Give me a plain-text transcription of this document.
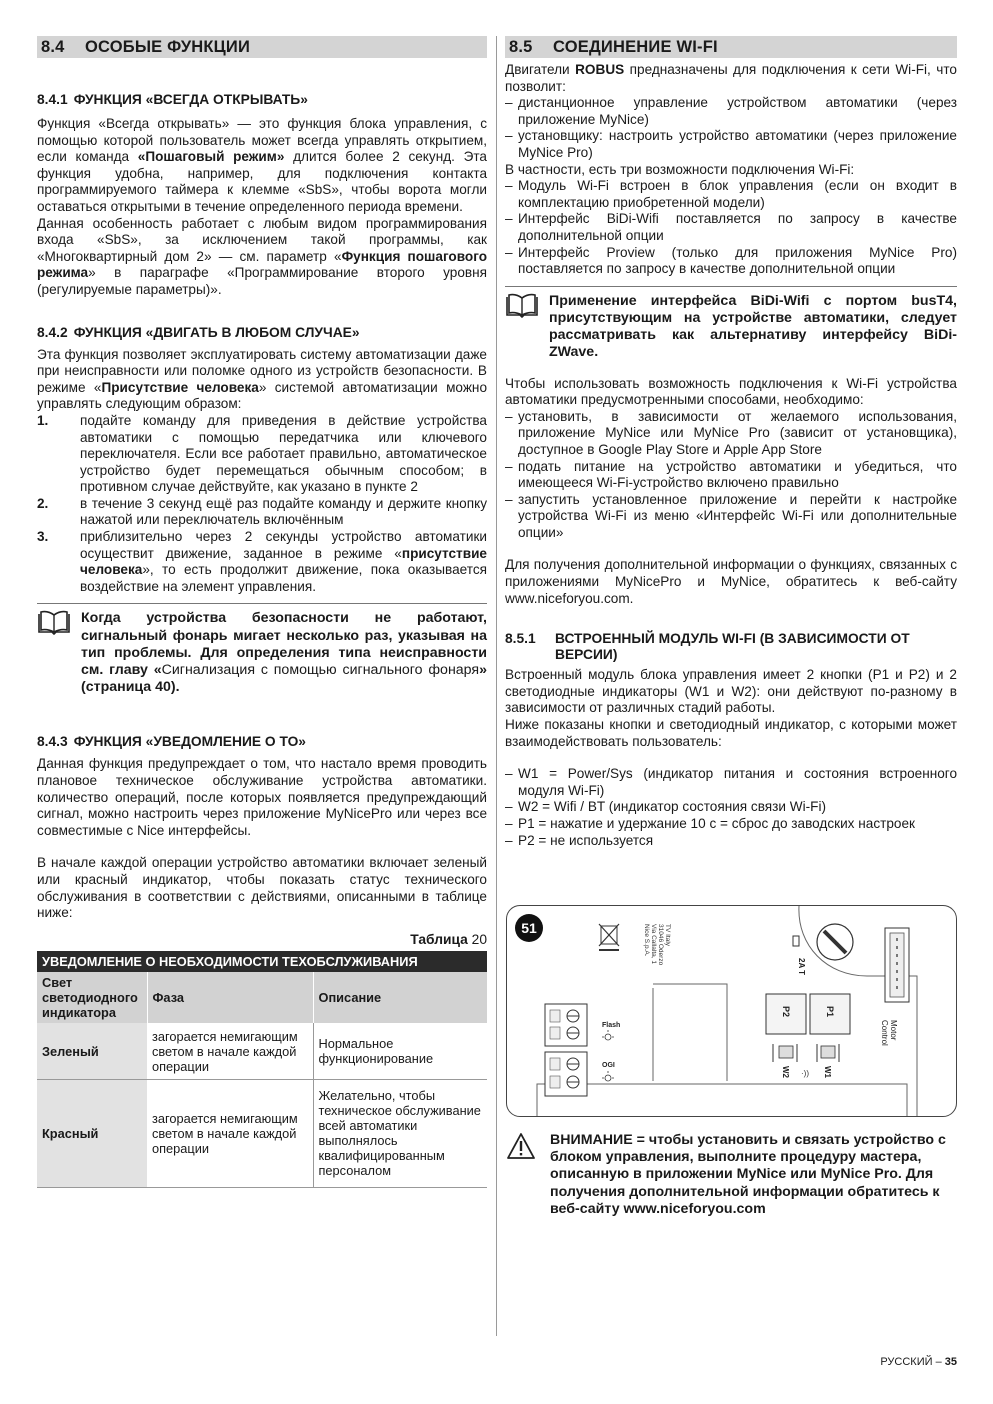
8.4 ОСОБЫЕ ФУНКЦИИ
8.4.1 ФУНКЦИЯ «ВСЕГДА ОТКРЫВАТЬ»

Функция «Всегда открывать» — это функция блока управления, с помощью которой пользователь может всегда управлять открытием, если команда «Пошаговый режим» длится более 2 секунд. Эта функция удобна, например, для подключения контакта программируемого таймера к клемме «SbS», чтобы ворота могли оставаться открытыми в течение определенного периода времени.

Данная особенность работает с любым видом программирования входа «SbS», за исключением такой программы, как «Многоквартирный дом 2» — см. параметр «Функция пошагового режима» в параграфе «Программирование второго уровня (регулируемые параметры)».

8.4.2 ФУНКЦИЯ «ДВИГАТЬ В ЛЮБОМ СЛУЧАЕ»

Эта функция позволяет эксплуатировать систему автоматизации даже при неисправности или поломке одного из устройств безопасности. В режиме «Присутствие человека» системой автоматизации можно управлять следующим образом:

1.	подайте команду для приведения в действие устройства автоматики с помощью передатчика или ключевого переключателя. Если все работает правильно, автоматическое устройство будет перемещаться обычным способом; в противном случае действуйте, как указано в пункте 2
2.	в течение 3 секунд ещё раз подайте команду и держите кнопку нажатой или переключатель включённым
3.	приблизительно через 2 секунды устройство автоматики осуществит движение, заданное в режиме «присутствие человека», то есть продолжит движение, пока оказывается воздействие на элемент управления.
Когда устройства безопасности не работают, сигнальный фонарь мигает несколько раз, указывая на тип проблемы. Для определения типа неисправности см. главу «Сигнализация с помощью сигнального фонаря» (страница 40).
8.4.3 ФУНКЦИЯ «УВЕДОМЛЕНИЕ О ТО»

Данная функция предупреждает о том, что настало время проводить плановое техническое обслуживание устройства автоматики. количество операций, после которых появляется предупреждающий сигнал, можно настроить через приложение MyNicePro или через все совместимые с Nice интерфейсы.

В начале каждой операции устройство автоматики включает зеленый или красный индикатор, чтобы показать статус технического обслуживания в соответствии с действиями, описанными в таблице ниже:

Таблица 20
УВЕДОМЛЕНИЕ О НЕОБХОДИМОСТИ ТЕХОБСЛУЖИВАНИЯ		
Свет светодиодного индикатора	Фаза	Описание
Зеленый	загорается немигающим светом в начале каждой операции	Нормальное функционирование
Красный	загорается немигающим светом в начале каждой операции	Желательно, чтобы техническое обслуживание всей автоматики выполнялось квалифицированным персоналом
8.5 СОЕДИНЕНИЕ WI-FI

Двигатели ROBUS предназначены для подключения к сети Wi-Fi, что позволит:

– дистанционное управление устройством автоматики (через приложение MyNice)
– установщику: настроить устройство автоматики (через приложение MyNice Pro)

В частности, есть три возможности подключения Wi-Fi:

– Модуль Wi-Fi встроен в блок управления (если он входит в комплектацию приобретенной модели)
– Интерфейс BiDi-Wifi поставляется по запросу в качестве дополнительной опции
– Интерфейс Proview (только для приложения MyNice Pro) поставляется по запросу в качестве дополнительной опции
Применение интерфейса BiDi-Wifi с портом busT4, присутствующим на устройстве автоматики, следует рассматривать как альтернативу интерфейсу BiDi-ZWave.

Чтобы использовать возможность подключения к Wi-Fi устройства автоматики предусмотренными способами, необходимо:

– установить, в зависимости от желаемого использования, приложение MyNice или MyNice Pro (зависит от установщика), доступное в Google Play Store и Apple App Store
– подать питание на устройство автоматики и убедиться, что имеющееся Wi-Fi-устройство включено правильно
– запустить установленное приложение и перейти к настройке устройства Wi-Fi из меню «Интерфейс Wi-Fi или дополнительные опции»

Для получения дополнительной информации о функциях, связанных с приложениями MyNicePro и MyNice, обратитесь к веб-сайту www.niceforyou.com.

8.5.1	ВСТРОЕННЫЙ МОДУЛЬ WI-FI (В ЗАВИСИМОСТИ ОТ ВЕРСИИ)

Встроенный модуль блока управления имеет 2 кнопки (P1 и P2) и 2 светодиодные индикаторы (W1 и W2): они действуют по-разному в зависимости от различных стадий работы.

Ниже показаны кнопки и светодиодный индикатор, с которыми может взаимодействовать пользователь:

– W1 = Power/Sys (индикатор питания и состояния встроенного модуля Wi-Fi)
– W2 = Wifi / BT (индикатор состояния связи Wi-Fi)
– P1 = нажатие и удержание 10 с = сброс до заводских настроек
– P2 = не используется
51	Nice S.p.A. Via Callalta, 1 31046 Oderzo TV Italy
2A T
Motor
Control
P2	P1
W2	W1
·))
Flash
OGI
ВНИМАНИЕ = чтобы установить и связать устройство с блоком управления, выполните процедуру мастера, описанную в приложении MyNice или MyNice Pro. Для получения дополнительной информации обратитесь к веб-сайту www.niceforyou.com
РУССКИЙ – 35
